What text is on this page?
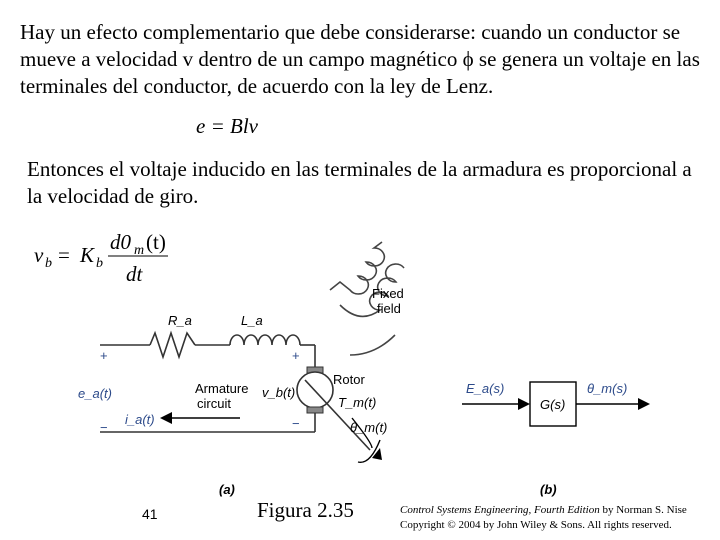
Hay un efecto complementario que debe considerarse: cuando un conductor se mueve a velocidad v dentro de un campo magnético ϕ se genera un voltaje en las terminales del conductor, de acuerdo con la ley de Lenz.

e = Blv

Entonces el voltaje inducido en las terminales de la armadura es proporcional a la velocidad de giro.

v b = K b
d0 m (t)
dt
R_a	L_a
Fixed
field
Armature
circuit
Rotor
v_b(t)
T_m(t)
θ_m(t)
e_a(t)
i_a(t)
+
−
+
−
(a)	(b)
E_a(s)
G(s)
θ_m(s)
41	Figura 2.35	Control Systems Engineering, Fourth Edition by Norman S. Nise
Copyright © 2004 by John Wiley & Sons. All rights reserved.
